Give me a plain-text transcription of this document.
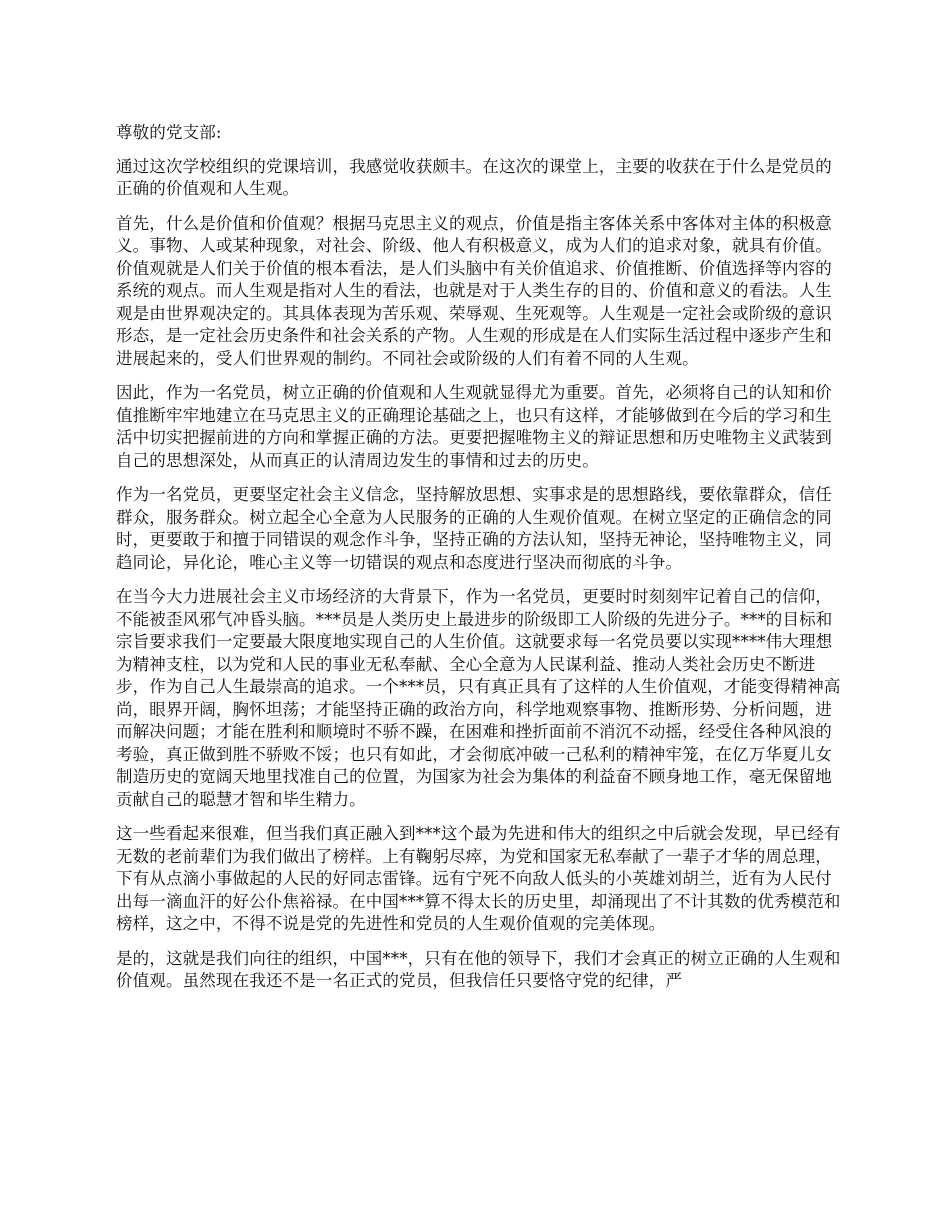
尊敬的党支部:

通过这次学校组织的党课培训，我感觉收获颇丰。在这次的课堂上，主要的收获在于什么是党员的正确的价值观和人生观。

首先，什么是价值和价值观？根据马克思主义的观点，价值是指主客体关系中客体对主体的积极意义。事物、人或某种现象，对社会、阶级、他人有积极意义，成为人们的追求对象，就具有价值。价值观就是人们关于价值的根本看法，是人们头脑中有关价值追求、价值推断、价值选择等内容的系统的观点。而人生观是指对人生的看法，也就是对于人类生存的目的、价值和意义的看法。人生观是由世界观决定的。其具体表现为苦乐观、荣辱观、生死观等。人生观是一定社会或阶级的意识形态，是一定社会历史条件和社会关系的产物。人生观的形成是在人们实际生活过程中逐步产生和进展起来的，受人们世界观的制约。不同社会或阶级的人们有着不同的人生观。

因此，作为一名党员，树立正确的价值观和人生观就显得尤为重要。首先，必须将自己的认知和价值推断牢牢地建立在马克思主义的正确理论基础之上，也只有这样，才能够做到在今后的学习和生活中切实把握前进的方向和掌握正确的方法。更要把握唯物主义的辩证思想和历史唯物主义武装到自己的思想深处，从而真正的认清周边发生的事情和过去的历史。

作为一名党员，更要坚定社会主义信念，坚持解放思想、实事求是的思想路线，要依靠群众，信任群众，服务群众。树立起全心全意为人民服务的正确的人生观价值观。在树立坚定的正确信念的同时，更要敢于和擅于同错误的观念作斗争，坚持正确的方法认知，坚持无神论，坚持唯物主义，同趋同论，异化论，唯心主义等一切错误的观点和态度进行坚决而彻底的斗争。

在当今大力进展社会主义市场经济的大背景下，作为一名党员，更要时时刻刻牢记着自己的信仰，不能被歪风邪气冲昏头脑。***员是人类历史上最进步的阶级即工人阶级的先进分子。***的目标和宗旨要求我们一定要最大限度地实现自己的人生价值。这就要求每一名党员要以实现****伟大理想为精神支柱，以为党和人民的事业无私奉献、全心全意为人民谋利益、推动人类社会历史不断进步，作为自己人生最崇高的追求。一个***员，只有真正具有了这样的人生价值观，才能变得精神高尚，眼界开阔，胸怀坦荡；才能坚持正确的政治方向，科学地观察事物、推断形势、分析问题，进而解决问题；才能在胜利和顺境时不骄不躁，在困难和挫折面前不消沉不动摇，经受住各种风浪的考验，真正做到胜不骄败不馁；也只有如此，才会彻底冲破一己私利的精神牢笼，在亿万华夏儿女制造历史的宽阔天地里找准自己的位置，为国家为社会为集体的利益奋不顾身地工作，毫无保留地贡献自己的聪慧才智和毕生精力。

这一些看起来很难，但当我们真正融入到***这个最为先进和伟大的组织之中后就会发现，早已经有无数的老前辈们为我们做出了榜样。上有鞠躬尽瘁，为党和国家无私奉献了一辈子才华的周总理，下有从点滴小事做起的人民的好同志雷锋。远有宁死不向敌人低头的小英雄刘胡兰，近有为人民付出每一滴血汗的好公仆焦裕禄。在中国***算不得太长的历史里，却涌现出了不计其数的优秀模范和榜样，这之中，不得不说是党的先进性和党员的人生观价值观的完美体现。

是的，这就是我们向往的组织，中国***，只有在他的领导下，我们才会真正的树立正确的人生观和价值观。虽然现在我还不是一名正式的党员，但我信任只要恪守党的纪律，严
